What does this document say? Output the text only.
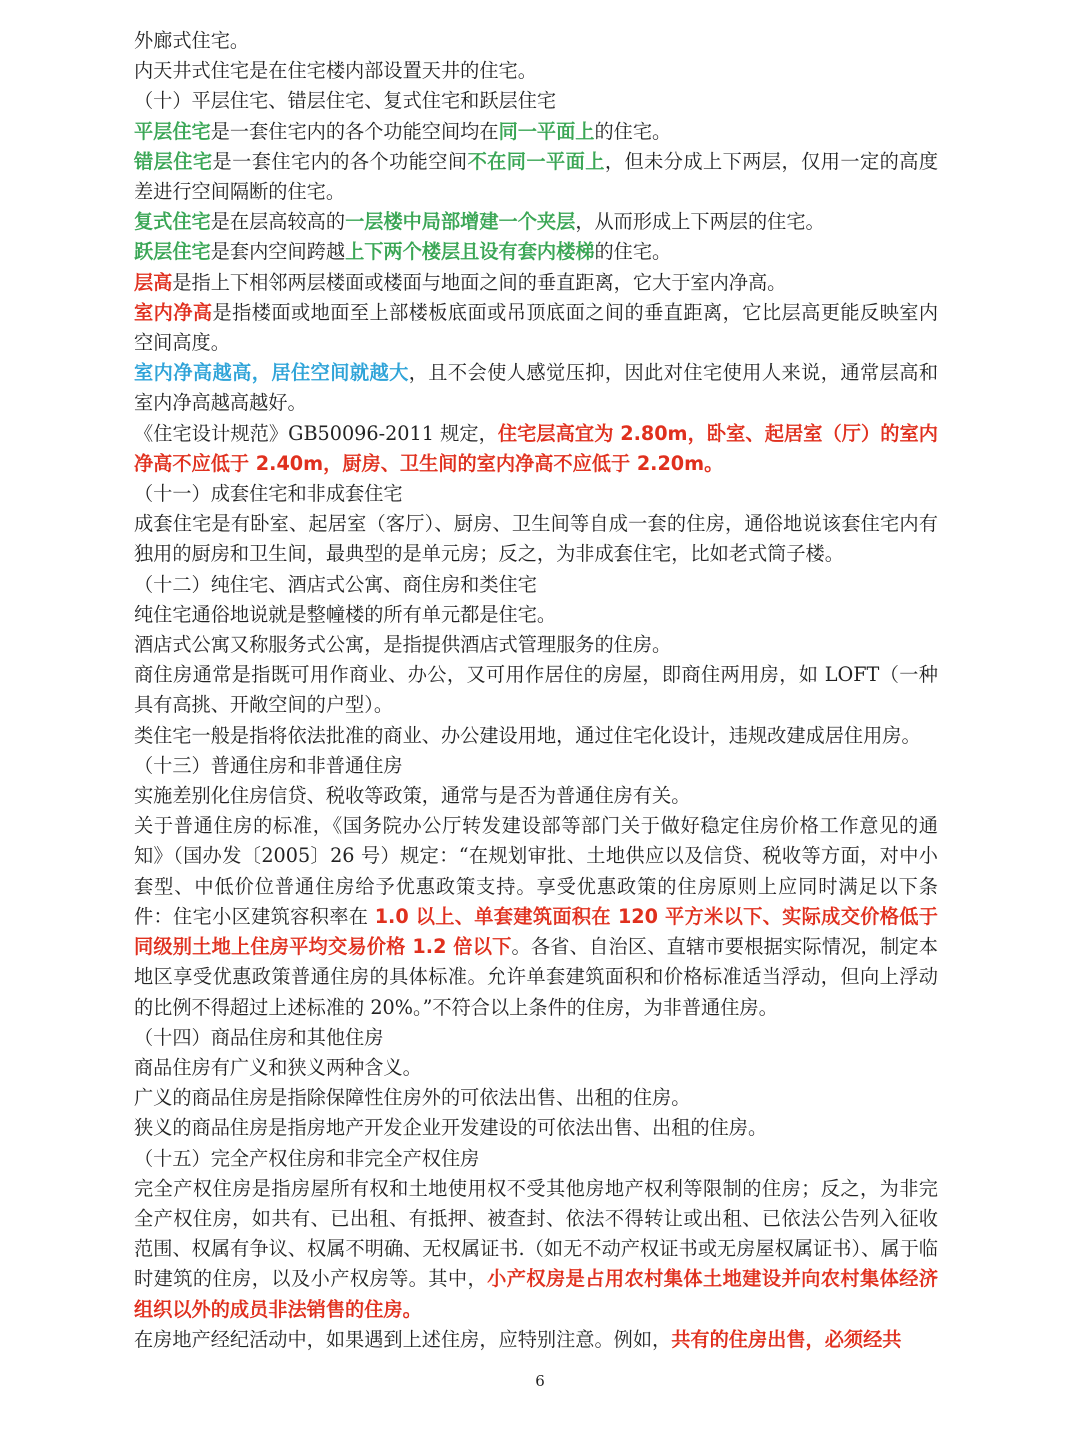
外廊式住宅。

内天井式住宅是在住宅楼内部设置天井的住宅。

（十）平层住宅、错层住宅、复式住宅和跃层住宅

平层住宅是一套住宅内的各个功能空间均在同一平面上的住宅。

错层住宅是一套住宅内的各个功能空间不在同一平面上，但未分成上下两层，仅用一定的高度差进行空间隔断的住宅。

复式住宅是在层高较高的一层楼中局部增建一个夹层，从而形成上下两层的住宅。

跃层住宅是套内空间跨越上下两个楼层且设有套内楼梯的住宅。

层高是指上下相邻两层楼面或楼面与地面之间的垂直距离，它大于室内净高。

室内净高是指楼面或地面至上部楼板底面或吊顶底面之间的垂直距离，它比层高更能反映室内空间高度。

室内净高越高，居住空间就越大，且不会使人感觉压抑，因此对住宅使用人来说，通常层高和室内净高越高越好。

《住宅设计规范》GB50096-2011 规定，住宅层高宜为 2.80m，卧室、起居室（厅）的室内净高不应低于 2.40m，厨房、卫生间的室内净高不应低于 2.20m。

（十一）成套住宅和非成套住宅

成套住宅是有卧室、起居室（客厅）、厨房、卫生间等自成一套的住房，通俗地说该套住宅内有独用的厨房和卫生间，最典型的是单元房；反之，为非成套住宅，比如老式筒子楼。

（十二）纯住宅、酒店式公寓、商住房和类住宅

纯住宅通俗地说就是整幢楼的所有单元都是住宅。

酒店式公寓又称服务式公寓，是指提供酒店式管理服务的住房。

商住房通常是指既可用作商业、办公，又可用作居住的房屋，即商住两用房，如 LOFT（一种具有高挑、开敞空间的户型）。

类住宅一般是指将依法批准的商业、办公建设用地，通过住宅化设计，违规改建成居住用房。

（十三）普通住房和非普通住房

实施差别化住房信贷、税收等政策，通常与是否为普通住房有关。

关于普通住房的标准，《国务院办公厅转发建设部等部门关于做好稳定住房价格工作意见的通知》（国办发〔2005〕26 号）规定：“在规划审批、土地供应以及信贷、税收等方面，对中小套型、中低价位普通住房给予优惠政策支持。享受优惠政策的住房原则上应同时满足以下条件：住宅小区建筑容积率在 1.0 以上、单套建筑面积在 120 平方米以下、实际成交价格低于同级别土地上住房平均交易价格 1.2 倍以下。各省、自治区、直辖市要根据实际情况，制定本地区享受优惠政策普通住房的具体标准。允许单套建筑面积和价格标准适当浮动，但向上浮动的比例不得超过上述标准的 20%。”不符合以上条件的住房，为非普通住房。

（十四）商品住房和其他住房

商品住房有广义和狭义两种含义。

广义的商品住房是指除保障性住房外的可依法出售、出租的住房。

狭义的商品住房是指房地产开发企业开发建设的可依法出售、出租的住房。

（十五）完全产权住房和非完全产权住房

完全产权住房是指房屋所有权和土地使用权不受其他房地产权利等限制的住房；反之，为非完全产权住房，如共有、已出租、有抵押、被查封、依法不得转让或出租、已依法公告列入征收范围、权属有争议、权属不明确、无权属证书.（如无不动产权证书或无房屋权属证书）、属于临时建筑的住房，以及小产权房等。其中，小产权房是占用农村集体土地建设并向农村集体经济组织以外的成员非法销售的住房。

在房地产经纪活动中，如果遇到上述住房，应特别注意。例如，共有的住房出售，必须经共

6
